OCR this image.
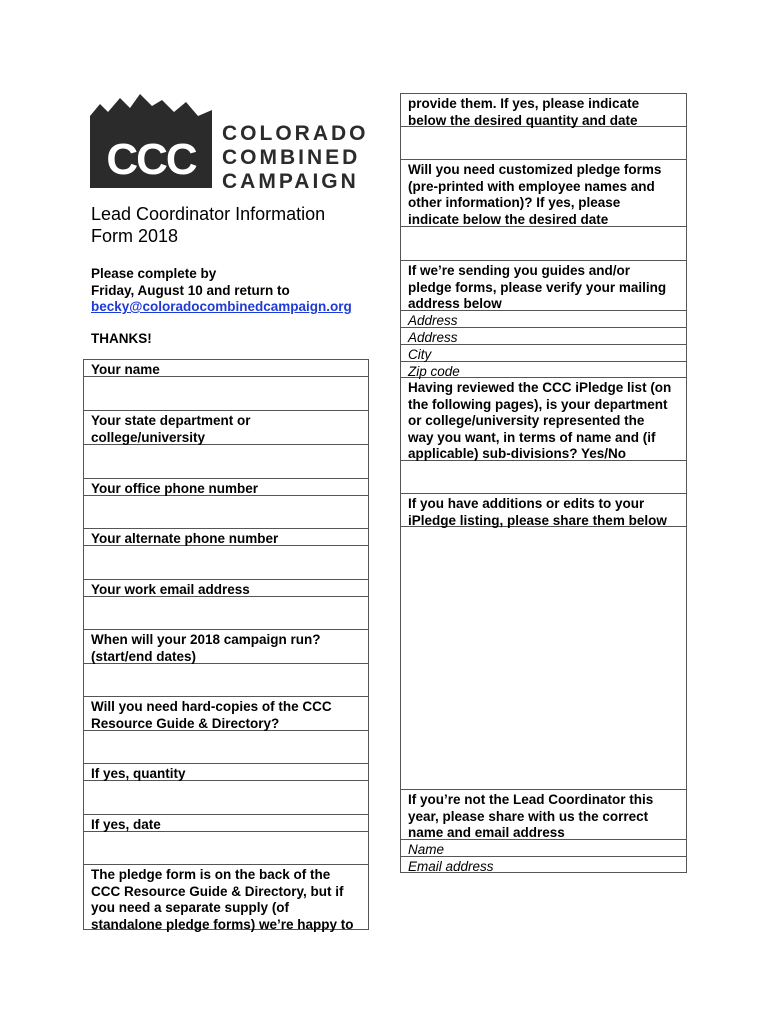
CCC
COLORADO
COMBINED
CAMPAIGN
Lead Coordinator Information
Form 2018
Please complete by
Friday, August 10 and return to
becky@coloradocombinedcampaign.org
THANKS!
Your name
Your state department or
college/university
Your office phone number
Your alternate phone number
Your work email address
When will your 2018 campaign run?
(start/end dates)
Will you need hard-copies of the CCC
Resource Guide & Directory?
If yes, quantity
If yes, date
The pledge form is on the back of the
CCC Resource Guide & Directory, but if
you need a separate supply (of
standalone pledge forms) we’re happy to
provide them. If yes, please indicate
below the desired quantity and date
Will you need customized pledge forms
(pre-printed with employee names and
other information)? If yes, please
indicate below the desired date
If we’re sending you guides and/or
pledge forms, please verify your mailing
address below
Address
Address
City
Zip code
Having reviewed the CCC iPledge list (on
the following pages), is your department
or college/university represented the
way you want, in terms of name and (if
applicable) sub-divisions? Yes/No
If you have additions or edits to your
iPledge listing, please share them below
If you’re not the Lead Coordinator this
year, please share with us the correct
name and email address
Name
Email address
